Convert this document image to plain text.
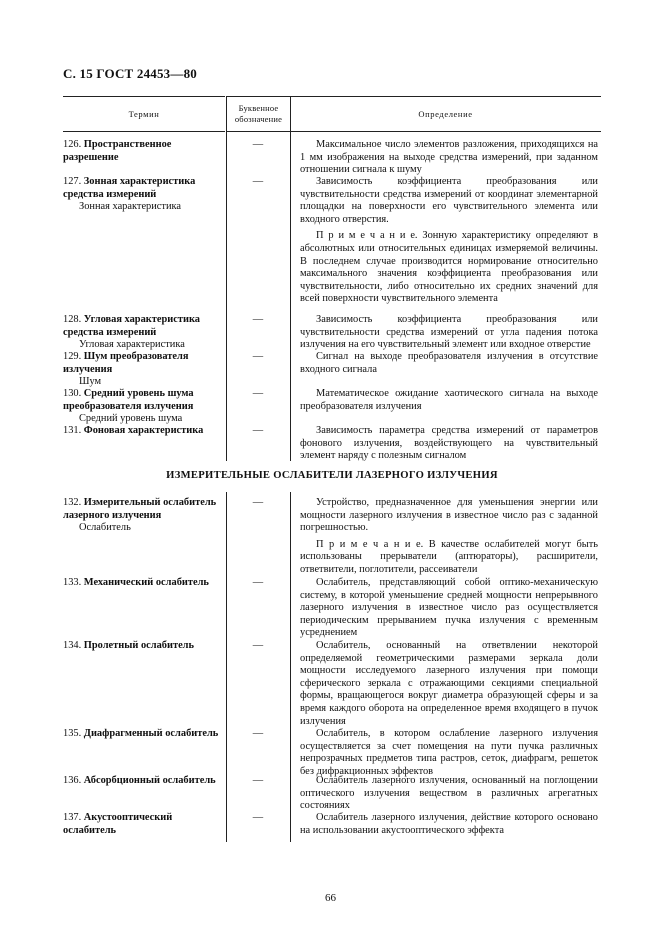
С. 15 ГОСТ 24453—80
Термин
Буквенное обозначение	Определение
126. Пространственное разрешение
—	Максимальное число элементов разложения, приходящихся на 1 мм изображения на выходе средства измерений, при заданном отношении сигнала к шуму
127. Зонная характеристика средства измерений
Зонная характеристика
—	Зависимость коэффициента преобразования или чувствительности средства измерений от координат элементарной площадки на поверхности его чувствительного элемента или входного отверстия.
П р и м е ч а н и е. Зонную характеристику определяют в абсолютных или относительных единицах измеряемой величины. В последнем случае производится нормирование относительно максимального значения коэффициента преобразования или чувствительности, либо относительно их средних значений для всей поверхности чувствительного элемента
128. Угловая характеристика средства измерений
Угловая характеристика
—	Зависимость коэффициента преобразования или чувствительности средства измерений от угла падения потока излучения на его чувствительный элемент или входное отверстие
129. Шум преобразователя излучения
Шум
—	Сигнал на выходе преобразователя излучения в отсутствие входного сигнала
130. Средний уровень шума преобразователя излучения
Средний уровень шума
—	Математическое ожидание хаотического сигнала на выходе преобразователя излучения
131. Фоновая характеристика	—	Зависимость параметра средства измерений от параметров фонового излучения, воздействующего на чувствительный элемент наряду с полезным сигналом
ИЗМЕРИТЕЛЬНЫЕ ОСЛАБИТЕЛИ ЛАЗЕРНОГО ИЗЛУЧЕНИЯ
132. Измерительный ослабитель лазерного излучения
Ослабитель
—	Устройство, предназначенное для уменьшения энергии или мощности лазерного излучения в известное число раз с заданной погрешностью.
П р и м е ч а н и е. В качестве ослабителей могут быть использованы прерыватели (аптюраторы), расширители, ответвители, поглотители, рассеиватели
133. Механический ослабитель	—	Ослабитель, представляющий собой оптико-механическую систему, в которой уменьшение средней мощности непрерывного лазерного излучения в известное число раз осуществляется периодическим прерыванием пучка излучения с временным усреднением
134. Пролетный ослабитель	—	Ослабитель, основанный на ответвлении некоторой определяемой геометрическими размерами зеркала доли мощности исследуемого лазерного излучения при помощи сферического зеркала с отражающими секциями специальной формы, вращающегося вокруг диаметра образующей сферы и за время каждого оборота на определенное время входящего в пучок излучения
135. Диафрагменный ослабитель	—	Ослабитель, в котором ослабление лазерного излучения осуществляется за счет помещения на пути пучка различных непрозрачных предметов типа растров, сеток, диафрагм, решеток без дифракционных эффектов
136. Абсорбционный ослабитель	—	Ослабитель лазерного излучения, основанный на поглощении оптического излучения веществом в различных агрегатных состояниях
137. Акустооптический ослабитель
—	Ослабитель лазерного излучения, действие которого основано на использовании акустооптического эффекта
66
